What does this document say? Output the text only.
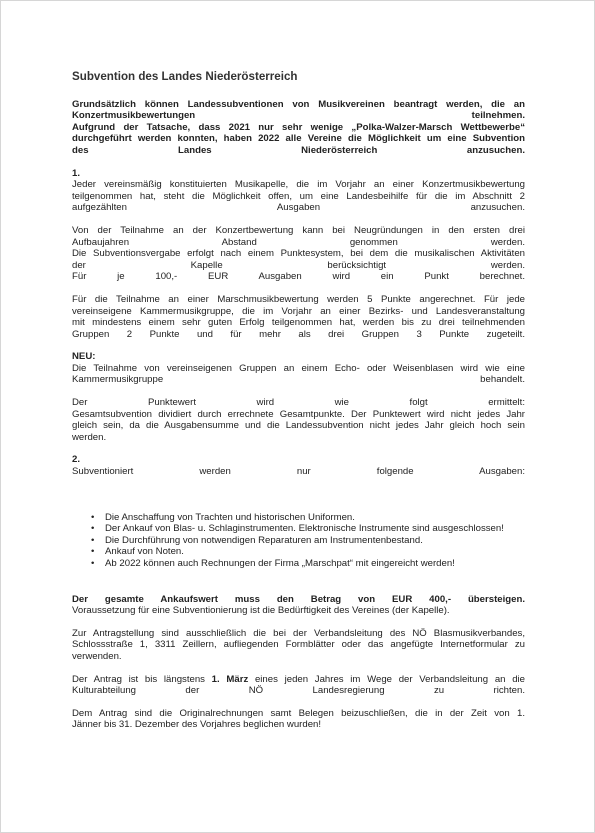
Subvention des Landes Niederösterreich

Grundsätzlich können Landessubventionen von Musikvereinen beantragt werden, die an

Konzertmusikbewertungen teilnehmen.

Aufgrund der Tatsache, dass 2021 nur sehr wenige „Polka-Walzer-Marsch Wettbewerbe“

durchgeführt werden konnten, haben 2022 alle Vereine die Möglichkeit um eine Subvention

des Landes Niederösterreich anzusuchen.

1.

Jeder vereinsmäßig konstituierten Musikapelle, die im Vorjahr an einer Konzertmusikbewertung

teilgenommen hat, steht die Möglichkeit offen, um eine Landesbeihilfe für die im Abschnitt 2

aufgezählten Ausgaben anzusuchen.

Von der Teilnahme an der Konzertbewertung kann bei Neugründungen in den ersten drei

Aufbaujahren Abstand genommen werden.

Die Subventionsvergabe erfolgt nach einem Punktesystem, bei dem die musikalischen Aktivitäten

der Kapelle berücksichtigt werden.

Für je 100,- EUR Ausgaben wird ein Punkt berechnet.

Für die Teilnahme an einer Marschmusikbewertung werden 5 Punkte angerechnet. Für jede

vereinseigene Kammermusikgruppe, die im Vorjahr an einer Bezirks- und Landesveranstaltung

mit mindestens einem sehr guten Erfolg teilgenommen hat, werden bis zu drei teilnehmenden

Gruppen 2 Punkte und für mehr als drei Gruppen 3 Punkte zugeteilt.

NEU:

Die Teilnahme von vereinseigenen Gruppen an einem Echo- oder Weisenblasen wird wie eine

Kammermusikgruppe behandelt.

Der Punktewert wird wie folgt ermittelt:

Gesamtsubvention dividiert durch errechnete Gesamtpunkte. Der Punktewert wird nicht jedes Jahr

gleich sein, da die Ausgabensumme und die Landessubvention nicht jedes Jahr gleich hoch sein

werden.

2.

Subventioniert werden nur folgende Ausgaben:

• Die Anschaffung von Trachten und historischen Uniformen.
• Der Ankauf von Blas- u. Schlaginstrumenten. Elektronische Instrumente sind ausgeschlossen!
• Die Durchführung von notwendigen Reparaturen am Instrumentenbestand.
• Ankauf von Noten.
• Ab 2022 können auch Rechnungen der Firma „Marschpat“ mit eingereicht werden!

Der gesamte Ankaufswert muss den Betrag von EUR 400,- übersteigen.

Voraussetzung für eine Subventionierung ist die Bedürftigkeit des Vereines (der Kapelle).

Zur Antragstellung sind ausschließlich die bei der Verbandsleitung des NÖ Blasmusikverbandes,

Schlossstraße 1, 3311 Zeillern, aufliegenden Formblätter oder das angefügte Internetformular zu

verwenden.

Der Antrag ist bis längstens 1. März eines jeden Jahres im Wege der Verbandsleitung an die

Kulturabteilung der NÖ Landesregierung zu richten.

Dem Antrag sind die Originalrechnungen samt Belegen beizuschließen, die in der Zeit von 1.

Jänner bis 31. Dezember des Vorjahres beglichen wurden!
